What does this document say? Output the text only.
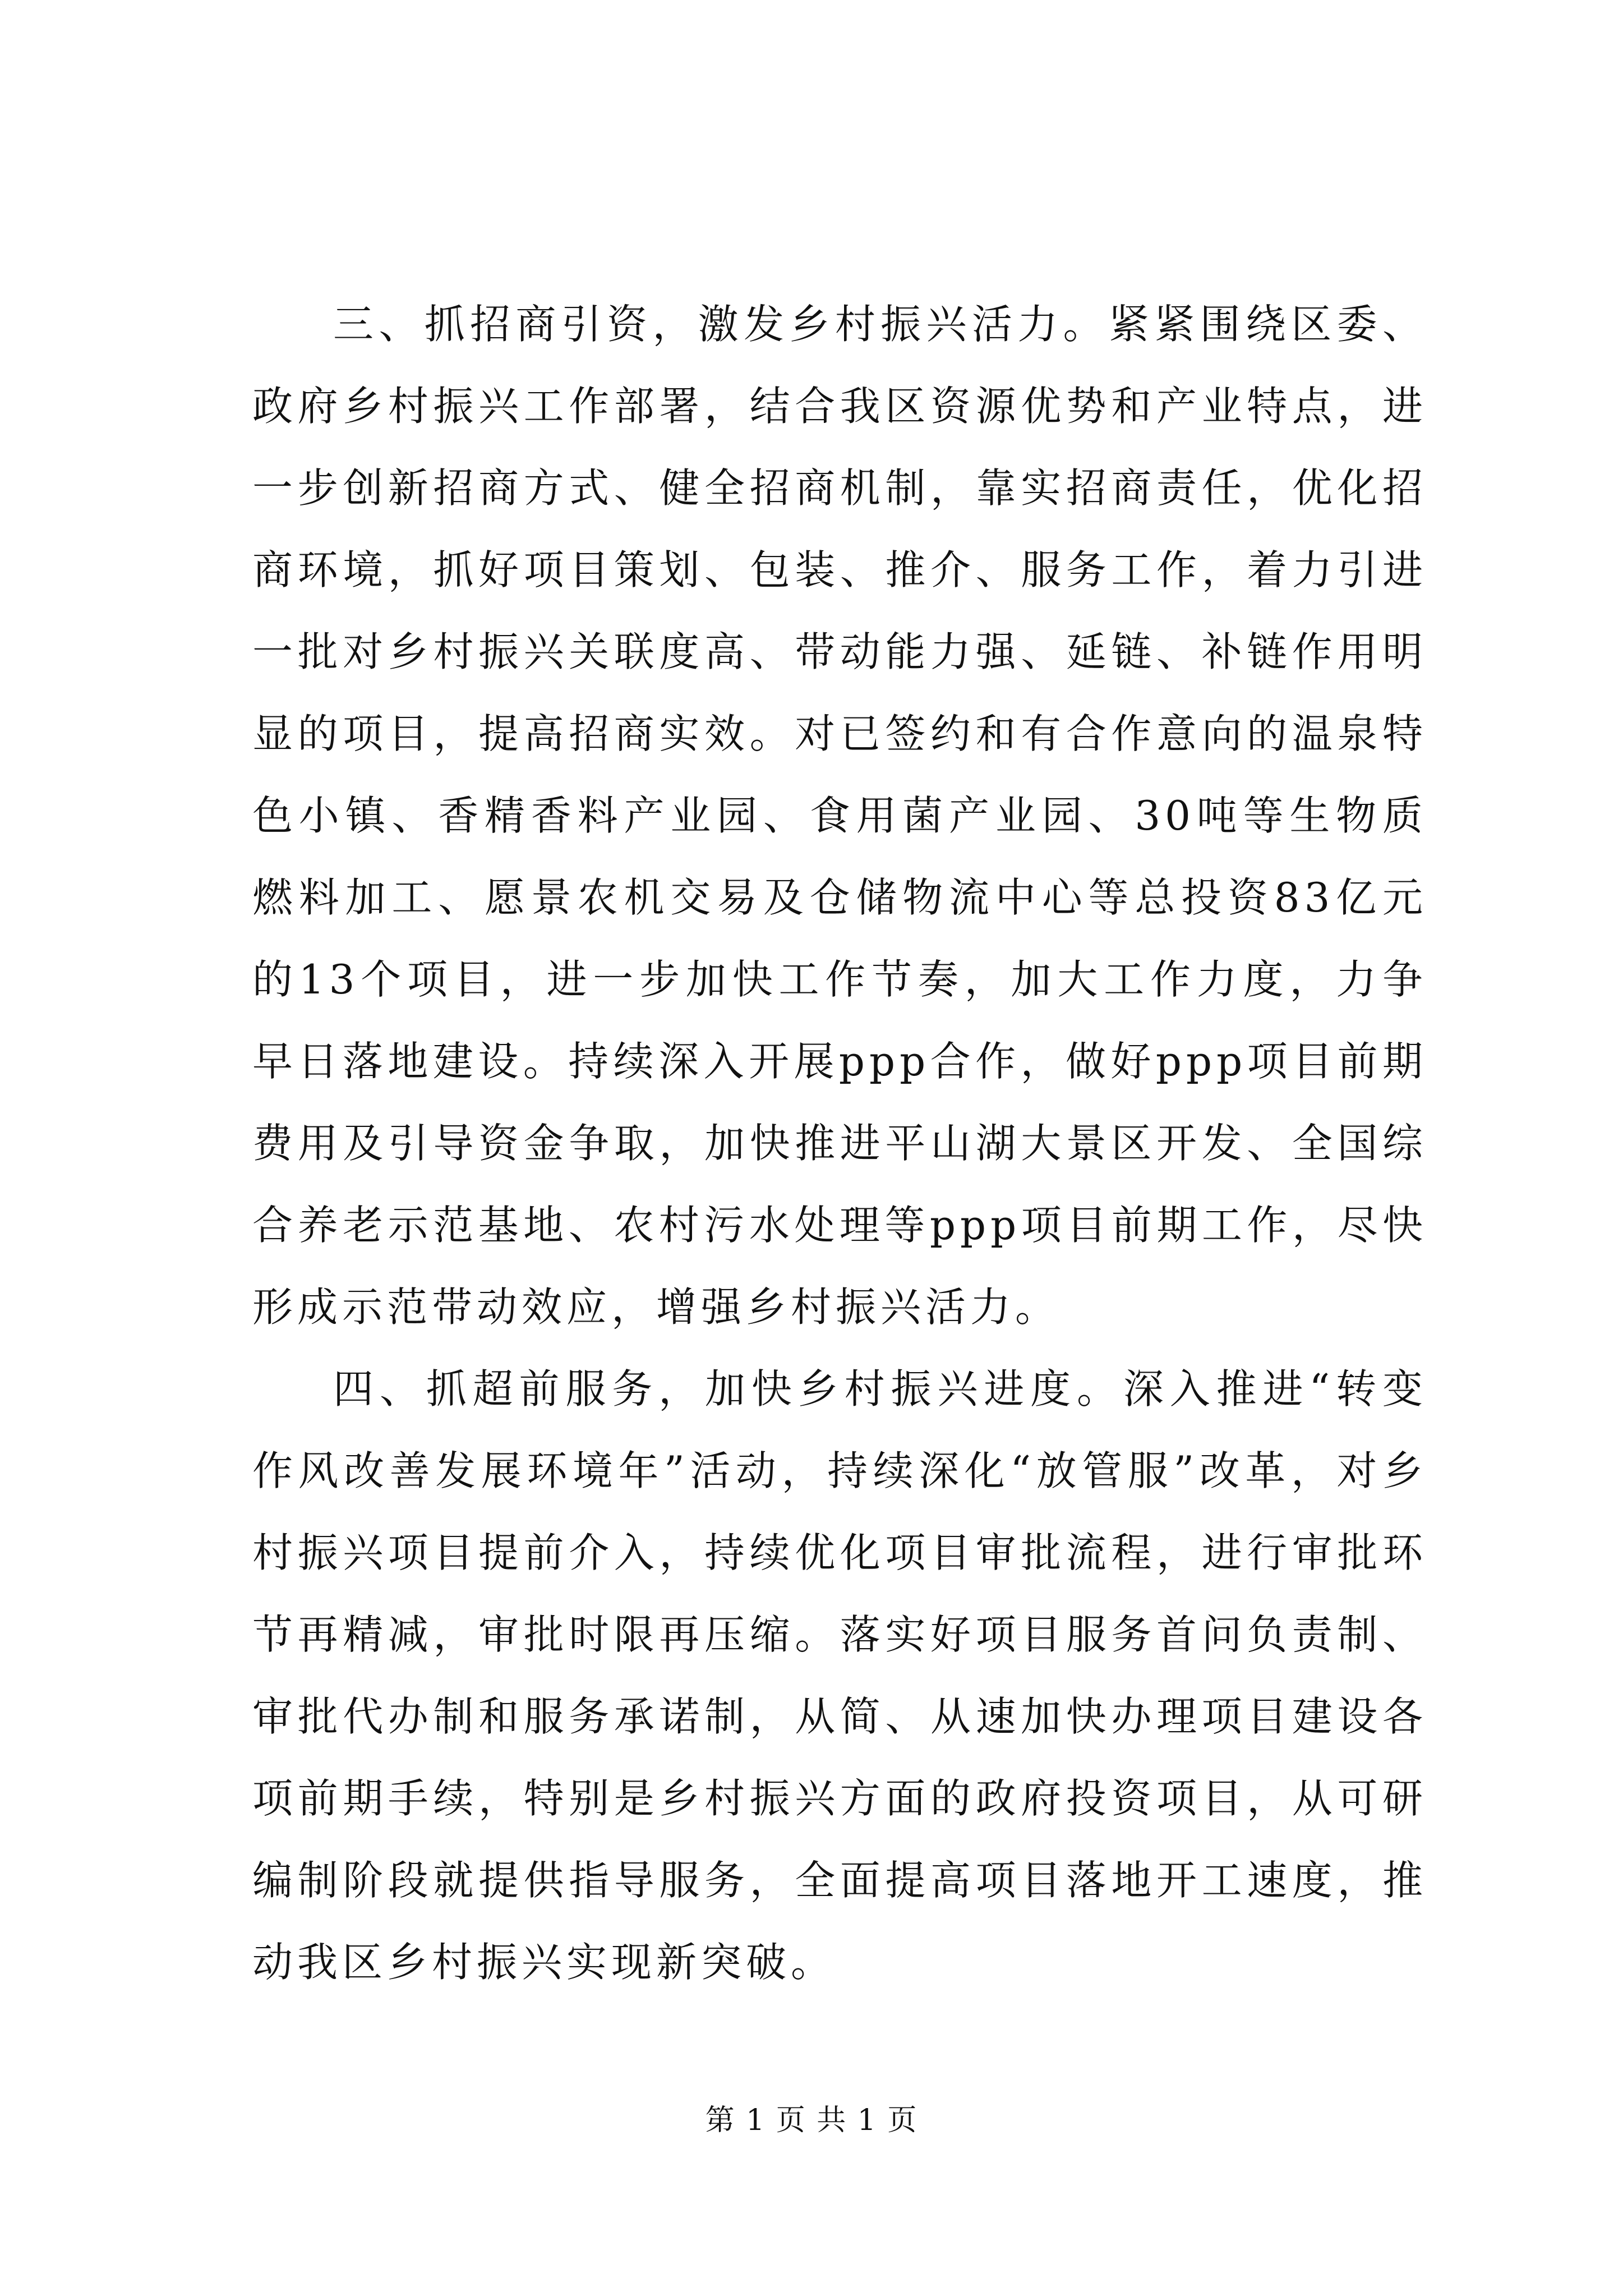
三、抓招商引资，激发乡村振兴活力。紧紧围绕区委、政府乡村振兴工作部署，结合我区资源优势和产业特点，进一步创新招商方式、健全招商机制，靠实招商责任，优化招商环境，抓好项目策划、包装、推介、服务工作，着力引进一批对乡村振兴关联度高、带动能力强、延链、补链作用明显的项目，提高招商实效。对已签约和有合作意向的温泉特色小镇、香精香料产业园、食用菌产业园、30吨等生物质燃料加工、愿景农机交易及仓储物流中心等总投资83亿元的13个项目，进一步加快工作节奏，加大工作力度，力争早日落地建设。持续深入开展ppp合作，做好ppp项目前期费用及引导资金争取，加快推进平山湖大景区开发、全国综合养老示范基地、农村污水处理等ppp项目前期工作，尽快形成示范带动效应，增强乡村振兴活力。

四、抓超前服务，加快乡村振兴进度。深入推进“转变作风改善发展环境年”活动，持续深化“放管服”改革，对乡村振兴项目提前介入，持续优化项目审批流程，进行审批环节再精减，审批时限再压缩。落实好项目服务首问负责制、审批代办制和服务承诺制，从简、从速加快办理项目建设各项前期手续，特别是乡村振兴方面的政府投资项目，从可研编制阶段就提供指导服务，全面提高项目落地开工速度，推动我区乡村振兴实现新突破。

第 1 页 共 1 页
